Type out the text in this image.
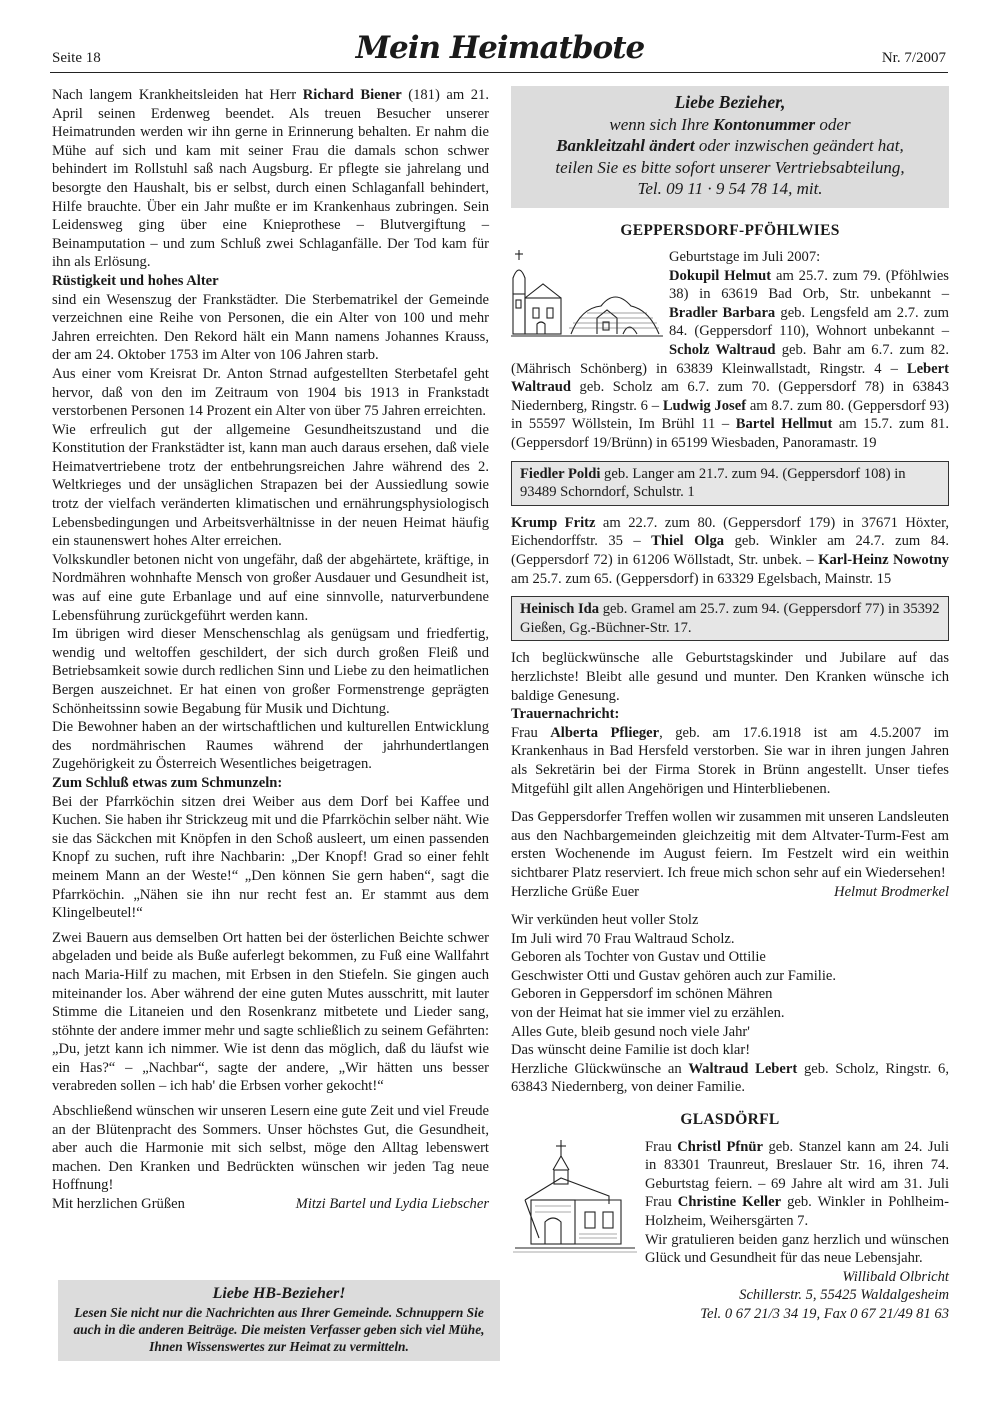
Seite 18	Mein Heimatbote	Nr. 7/2007

Nach langem Krankheitsleiden hat Herr Richard Biener (181) am 21. April seinen Erdenweg beendet. Als treuen Besucher unserer Heimatrunden werden wir ihn gerne in Erinnerung behalten. Er nahm die Mühe auf sich und kam mit seiner Frau die damals schon schwer behindert im Rollstuhl saß nach Augsburg. Er pflegte sie jahrelang und besorgte den Haushalt, bis er selbst, durch einen Schlaganfall behindert, Hilfe brauchte. Über ein Jahr mußte er im Krankenhaus zubringen. Sein Leidensweg ging über eine Knieprothese – Blutvergiftung – Beinamputation – und zum Schluß zwei Schlaganfälle. Der Tod kam für ihn als Erlösung.

Rüstigkeit und hohes Alter

sind ein Wesenszug der Frankstädter. Die Sterbematrikel der Gemeinde verzeichnen eine Reihe von Personen, die ein Alter von 100 und mehr Jahren erreichten. Den Rekord hält ein Mann namens Johannes Krauss, der am 24. Oktober 1753 im Alter von 106 Jahren starb.

Aus einer vom Kreisrat Dr. Anton Strnad aufgestellten Sterbetafel geht hervor, daß von den im Zeitraum von 1904 bis 1913 in Frankstadt verstorbenen Personen 14 Prozent ein Alter von über 75 Jahren erreichten.

Wie erfreulich gut der allgemeine Gesundheitszustand und die Konstitution der Frankstädter ist, kann man auch daraus ersehen, daß viele Heimatvertriebene trotz der entbehrungsreichen Jahre während des 2. Weltkrieges und der unsäglichen Strapazen bei der Aussiedlung sowie trotz der vielfach veränderten klimatischen und ernährungsphysiologisch Lebensbedingungen und Arbeitsverhältnisse in der neuen Heimat häufig ein staunenswert hohes Alter erreichen.

Volkskundler betonen nicht von ungefähr, daß der abgehärtete, kräftige, in Nordmähren wohnhafte Mensch von großer Ausdauer und Gesundheit ist, was auf eine gute Erbanlage und auf eine sinnvolle, naturverbundene Lebensführung zurückgeführt werden kann.

Im übrigen wird dieser Menschenschlag als genügsam und friedfertig, wendig und weltoffen geschildert, der sich durch großen Fleiß und Betriebsamkeit sowie durch redlichen Sinn und Liebe zu den heimatlichen Bergen auszeichnet. Er hat einen von großer Formenstrenge geprägten Schönheitssinn sowie Begabung für Musik und Dichtung.

Die Bewohner haben an der wirtschaftlichen und kulturellen Entwicklung des nordmährischen Raumes während der jahrhundertlangen Zugehörigkeit zu Österreich Wesentliches beigetragen.

Zum Schluß etwas zum Schmunzeln:

Bei der Pfarrköchin sitzen drei Weiber aus dem Dorf bei Kaffee und Kuchen. Sie haben ihr Strickzeug mit und die Pfarrköchin selber näht. Wie sie das Säckchen mit Knöpfen in den Schoß ausleert, um einen passenden Knopf zu suchen, ruft ihre Nachbarin: „Der Knopf! Grad so einer fehlt meinem Mann an der Weste!“ „Den können Sie gern haben“, sagt die Pfarrköchin. „Nähen sie ihn nur recht fest an. Er stammt aus dem Klingelbeutel!“

Zwei Bauern aus demselben Ort hatten bei der österlichen Beichte schwer abgeladen und beide als Buße auferlegt bekommen, zu Fuß eine Wallfahrt nach Maria-Hilf zu machen, mit Erbsen in den Stiefeln. Sie gingen auch miteinander los. Aber während der eine guten Mutes ausschritt, mit lauter Stimme die Litaneien und den Rosenkranz mitbetete und Lieder sang, stöhnte der andere immer mehr und sagte schließlich zu seinem Gefährten: „Du, jetzt kann ich nimmer. Wie ist denn das möglich, daß du läufst wie ein Has?“ – „Nachbar“, sagte der andere, „Wir hätten uns besser verabreden sollen – ich hab' die Erbsen vorher gekocht!“

Abschließend wünschen wir unseren Lesern eine gute Zeit und viel Freude an der Blütenpracht des Sommers. Unser höchstes Gut, die Gesundheit, aber auch die Harmonie mit sich selbst, möge den Alltag lebenswert machen. Den Kranken und Bedrückten wünschen wir jeden Tag neue Hoffnung!

Mit herzlichen Grüßen	Mitzi Bartel und Lydia Liebscher
Liebe HB-Bezieher!
Lesen Sie nicht nur die Nachrichten aus Ihrer Gemeinde. Schnuppern Sie auch in die anderen Beiträge. Die meisten Verfasser geben sich viel Mühe, Ihnen Wissenswertes zur Heimat zu vermitteln.
Liebe Bezieher,
wenn sich Ihre Kontonummer oder
Bankleitzahl ändert oder inzwischen geändert hat,
teilen Sie es bitte sofort unserer Vertriebsabteilung,
Tel. 09 11 · 9 54 78 14, mit.
GEPPERSDORF-PFÖHLWIES

Geburtstage im Juli 2007:

Dokupil Helmut am 25.7. zum 79. (Pföhlwies 38) in 63619 Bad Orb, Str. unbekannt – Bradler Barbara geb. Lengsfeld am 2.7. zum 84. (Geppersdorf 110), Wohnort unbekannt – Scholz Waltraud geb. Bahr am 6.7. zum 82. (Mährisch Schönberg) in 63839 Kleinwallstadt, Ringstr. 4 – Lebert Waltraud geb. Scholz am 6.7. zum 70. (Geppersdorf 78) in 63843 Niedernberg, Ringstr. 6 – Ludwig Josef am 8.7. zum 80. (Geppersdorf 93) in 55597 Wöllstein, Im Brühl 11 – Bartel Hellmut am 15.7. zum 81. (Geppersdorf 19/Brünn) in 65199 Wiesbaden, Panoramastr. 19

Fiedler Poldi geb. Langer am 21.7. zum 94. (Geppersdorf 108) in 93489 Schorndorf, Schulstr. 1

Krump Fritz am 22.7. zum 80. (Geppersdorf 179) in 37671 Höxter, Eichendorffstr. 35 – Thiel Olga geb. Winkler am 24.7. zum 84. (Geppersdorf 72) in 61206 Wöllstadt, Str. unbek. – Karl-Heinz Nowotny am 25.7. zum 65. (Geppersdorf) in 63329 Egelsbach, Mainstr. 15

Heinisch Ida geb. Gramel am 25.7. zum 94. (Geppersdorf 77) in 35392 Gießen, Gg.-Büchner-Str. 17.

Ich beglückwünsche alle Geburtstagskinder und Jubilare auf das herzlichste! Bleibt alle gesund und munter. Den Kranken wünsche ich baldige Genesung.

Trauernachricht:

Frau Alberta Pflieger, geb. am 17.6.1918 ist am 4.5.2007 im Krankenhaus in Bad Hersfeld verstorben. Sie war in ihren jungen Jahren als Sekretärin bei der Firma Storek in Brünn angestellt. Unser tiefes Mitgefühl gilt allen Angehörigen und Hinterbliebenen.

Das Geppersdorfer Treffen wollen wir zusammen mit unseren Landsleuten aus den Nachbargemeinden gleichzeitig mit dem Altvater-Turm-Fest am ersten Wochenende im August feiern. Im Festzelt wird ein weithin sichtbarer Platz reserviert. Ich freue mich schon sehr auf ein Wiedersehen!

Herzliche Grüße Euer	Helmut Brodmerkel

Wir verkünden heut voller Stolz

Im Juli wird 70 Frau Waltraud Scholz.

Geboren als Tochter von Gustav und Ottilie

Geschwister Otti und Gustav gehören auch zur Familie.

Geboren in Geppersdorf im schönen Mähren

von der Heimat hat sie immer viel zu erzählen.

Alles Gute, bleib gesund noch viele Jahr'

Das wünscht deine Familie ist doch klar!

Herzliche Glückwünsche an Waltraud Lebert geb. Scholz, Ringstr. 6, 63843 Niedernberg, von deiner Familie.

GLASDÖRFL

Frau Christl Pfnür geb. Stanzel kann am 24. Juli in 83301 Traunreut, Breslauer Str. 16, ihren 74. Geburtstag feiern. – 69 Jahre alt wird am 31. Juli Frau Christine Keller geb. Winkler in Pohlheim-Holzheim, Weihersgärten 7.

Wir gratulieren beiden ganz herzlich und wünschen Glück und Gesundheit für das neue Lebensjahr.
Willibald Olbricht

Schillerstr. 5, 55425 Waldalgesheim

Tel. 0 67 21/3 34 19, Fax 0 67 21/49 81 63
